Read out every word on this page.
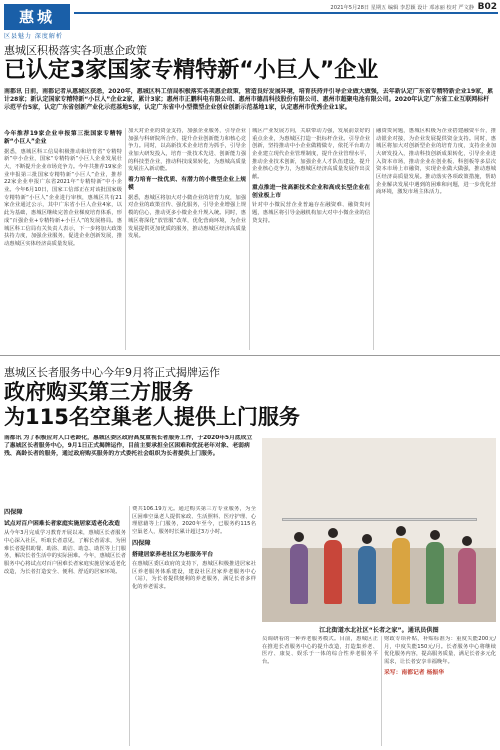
惠城
区县魅力 深度解析
2021年5月28日 星期五 编辑 李思颖 设计 邓冰丽 校对 严文静 B02
惠城区积极落实各项惠企政策
已认定3家国家专精特新“小巨人”企业
南都讯 日前，南都记者从惠城区获悉，2020年，惠城区科工信局积极落实各项惠企政策，营造良好发展环境，培育扶持并引导企业做大做强，去年新认定广东省专精特新企业19家，累计28家；新认定国家专精特新“小巨人”企业2家，累计3家；惠州市正鹏科电有限公司、惠州市德昌科技股份有限公司、惠州市超聚电池有限公司。2020年认定广东省工业互联网标杆示范平台5家，认定广东省创新产业化示范基地5家，认定广东省中小型微型企业创业创新示范基地1家，认定惠州市优秀企业1家。

今年推荐19家企业申报第三批国家专精特新“小巨人”企业

据悉，惠城区科工信局积极推动和培育省“专精特新”中小企业，国家“专精特新”小巨人企业发展壮大，不断提升企业市场竞争力。今年共推荐19家企业申报第三批国家专精特新“小巨人”企业，推荐22家企业申报广东省2021年“专精特新”中小企业。今年6月10日，国家工信部正在对该批国家级专精特新“小巨人”企业进行审核，惠城区共有21家企业通过公示，其中广东省小巨人企业4家，以此为基础，惠城区继续完善企业梯度培育体系，形成“百强企业+专精特新+小巨人”的发展格局。惠城区科工信局有关负责人表示，下一步将加大政策扶持力度，加强企业服务，促进企业创新发展，推动惠城区实体经济高质量发展。

加大对企业的资金支持，加强企业服务，引导企业加强与科研院所合作，提升企业创新能力和核心竞争力。同时，以高新技术企业培育为抓手，引导企业加大研发投入，培育一批技术先进、创新能力强的科技型企业，推动科技成果转化，为惠城高质量发展注入新动能。

着力培育一批优质、有潜力的小微型企业上规模

据悉，惠城区将加大对小微企业的培育力度，加强对企业的政策宣传、强化服务，引导企业增强上规模的信心，推动更多小微企业升规入统。同时，惠城区将深化“放管服”改革，优化营商环境，为企业发展提供更加优质的服务，推动惠城区经济高质量发展。

城区产业发展方向，关联带动力强，发展前景好的重点企业，为惠城区打造一批标杆企业。引导企业创新，坚持推动中小企业做精做专，依托平台助力企业建立现代企业管理制度，提升企业管理水平，推动企业技术创新，加强企业人才队伍建设，提升企业核心竞争力，为惠城区经济高质量发展作出贡献。

重点推进一批高新技术企业和高成长型企业在创业板上市

针对中小微民营企业普遍存在融资难、融资贵问题，惠城区将引导金融机构加大对中小微企业的信贷支持。

融资贵问题，惠城区积极为企业搭建融资平台，推动银企对接，为企业发展提供资金支持。同时，惠城区将加大对创新型企业的培育力度，支持企业加大研发投入，推动科技创新成果转化，引导企业进入资本市场，推动企业在创业板、科创板等多层次资本市场上市融资，实现企业做大做强，推动惠城区经济高质量发展。推动落实各项政策措施，帮助企业解决发展中遇到的困难和问题，进一步优化营商环境，激发市场主体活力。

惠城区长者服务中心今年9月将正式揭牌运作
政府购买第三方服务
为115名空巢老人提供上门服务
南都讯 为了积极应对人口老龄化，惠城区委区政府高度重视长者服务工作，于2020年5月底成立了惠城区长者服务中心，9月1日正式揭牌运作，目前主要承担全区困难和优抚老年对象、老弱病残、高龄长者的服务，通过政府购买服务的方式委托社会组织为长者提供上门服务。

四保障

试点对百户困难长者家庭实施居家适老化改造

从今年3月完成学习教育开展以来，惠城区长者服务中心深入社区，听取长者意见，了解长者需求，为困难长者提供助餐、助浴、助洁、助急、助医等上门服务，解决长者生活中的实际困难。今年，惠城区长者服务中心将试点对百户困难长者家庭实施居家适老化改造，为长者打造安全、便利、舒适的居家环境。

费共106.19万元。通过购买第三方专业服务，为全区困难空巢老人提供家政、生活照料、医疗护理、心理慰藉等上门服务，2020年至今，已服务约115名空巢老人，服务时长累计超过3万小时。

四保障

搭建居家养老社区为老服务平台

在惠城区委区政府的支持下，惠城区积极推进居家社区养老服务体系建设，建设社区居家养老服务中心（站），为长者提供便利的养老服务，满足长者多样化的养老需求。

江北街道水北社区“长者之家”。通讯员供图

员调研看的一种养老服务模式。目前，惠城区正在推进长者服务中心的提升改造，打造集养老、医疗、康复、娱乐于一体的综合性养老服务平台。

财政专项补贴，补贴标准为：重度失能200元/月，中度失能150元/月。长者服务中心将继续优化服务内容，提高服务质量，满足长者多元化需求，让长者安享幸福晚年。

采写：南都记者 杨振华
